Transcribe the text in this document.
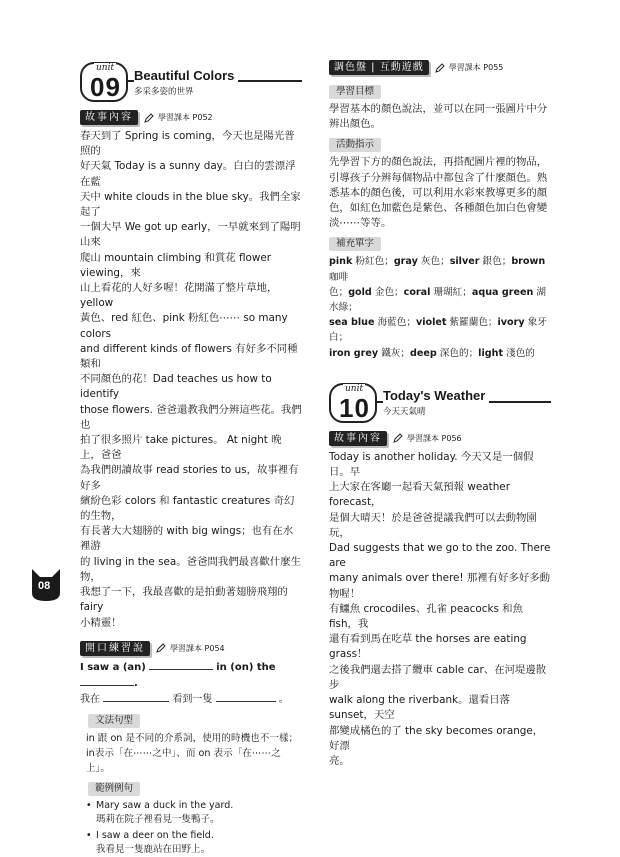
unit
09 Beautiful Colors
多采多姿的世界
故事內容	學習課本 P052
春天到了 Spring is coming，今天也是陽光普照的
好天氣 Today is a sunny day。白白的雲漂浮在藍
天中 white clouds in the blue sky。我們全家起了
一個大早 We got up early，一早就來到了陽明山來
爬山 mountain climbing 和賞花 flower viewing，來
山上看花的人好多喔！花開滿了整片草地，yellow
黃色、red 紅色、pink 粉紅色⋯⋯ so many colors
and different kinds of flowers 有好多不同種類和
不同顏色的花！Dad teaches us how to identify
those flowers. 爸爸還教我們分辨這些花。我們也
拍了很多照片 take pictures。 At night 晚上，爸爸
為我們朗讀故事 read stories to us，故事裡有好多
繽紛色彩 colors 和 fantastic creatures 奇幻的生物，
有長著大大翅膀的 with big wings；也有在水裡游
的 living in the sea。爸爸問我們最喜歡什麼生物，
我想了一下，我最喜歡的是拍動著翅膀飛翔的 fairy
小精靈！
開口練習說	學習課本 P054
I saw a (an)	in (on) the .
我在	看到一隻	。
文法句型
in 跟 on 是不同的介系詞，使用的時機也不一樣；
in表示「在⋯⋯之中」、而 on 表示「在⋯⋯之上」。
範例例句
• Mary saw a duck in the yard.
瑪莉在院子裡看見一隻鴨子。
• I saw a deer on the field.
我看見一隻鹿站在田野上。
調色盤 | 互動遊戲	學習課本 P055
學習目標
學習基本的顏色說法，並可以在同一張圖片中分
辨出顏色。
活動指示
先學習下方的顏色說法，再搭配圖片裡的物品，
引導孩子分辨每個物品中都包含了什麼顏色。熟
悉基本的顏色後，可以利用水彩來教導更多的顏
色，如紅色加藍色是紫色、各種顏色加白色會變
淡⋯⋯等等。
補充單字
pink 粉紅色；gray 灰色；silver 銀色；brown 咖啡
色；gold 金色；coral 珊瑚紅；aqua green 湖水綠；
sea blue 海藍色；violet 紫羅蘭色；ivory 象牙白；
iron grey 鐵灰；deep 深色的；light 淺色的
unit
10 Today's Weather
今天天氣晴
故事內容	學習課本 P056
Today is another holiday. 今天又是一個假日。早
上大家在客廳一起看天氣預報 weather forecast，
是個大晴天！於是爸爸提議我們可以去動物園玩，
Dad suggests that we go to the zoo. There are
many animals over there! 那裡有好多好多動物喔！
有鱷魚 crocodiles、孔雀 peacocks 和魚 fish，我
還有看到馬在吃草 the horses are eating grass！
之後我們還去搭了纜車 cable car、在河堤邊散步
walk along the riverbank。還看日落 sunset，天空
都變成橘色的了 the sky becomes orange，好漂
亮。
08
